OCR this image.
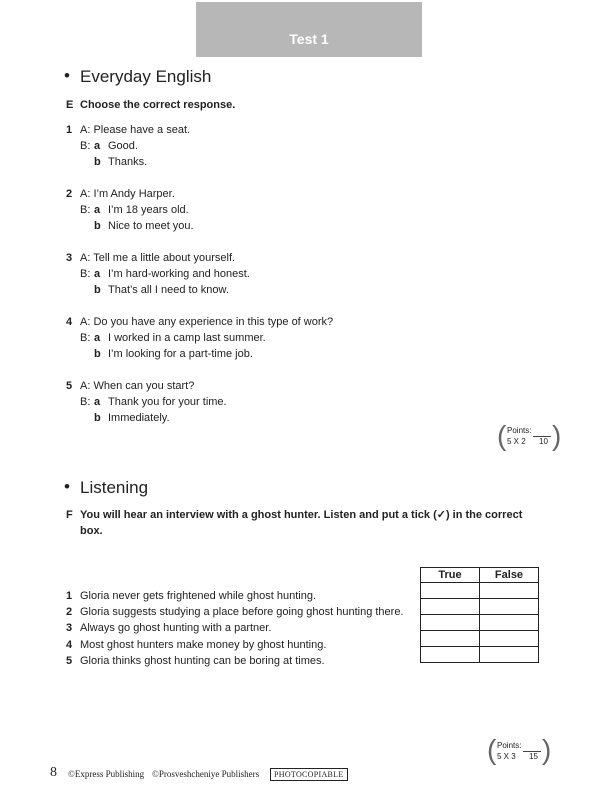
Test 1
• Everyday English
E Choose the correct response.
1 A: Please have a seat.
B: a Good.
b Thanks.
2 A: I’m Andy Harper.
B: a I’m 18 years old.
b Nice to meet you.
3 A: Tell me a little about yourself.
B: a I’m hard-working and honest.
b That’s all I need to know.
4 A: Do you have any experience in this type of work?
B: a I worked in a camp last summer.
b I’m looking for a part-time job.
5 A: When can you start?
B: a Thank you for your time.
b Immediately.
( Points:
5 X 2 10 )
• Listening
F You will hear an interview with a ghost hunter. Listen and put a tick (✓) in the correct
box.
1 Gloria never gets frightened while ghost hunting.
2 Gloria suggests studying a place before going ghost hunting there.
3 Always go ghost hunting with a partner.
4 Most ghost hunters make money by ghost hunting.
5 Gloria thinks ghost hunting can be boring at times.
True	False

( Points:
5 X 3 15 )
8 ©Express Publishing ©Prosveshcheniye Publishers	PHOTOCOPIABLE
